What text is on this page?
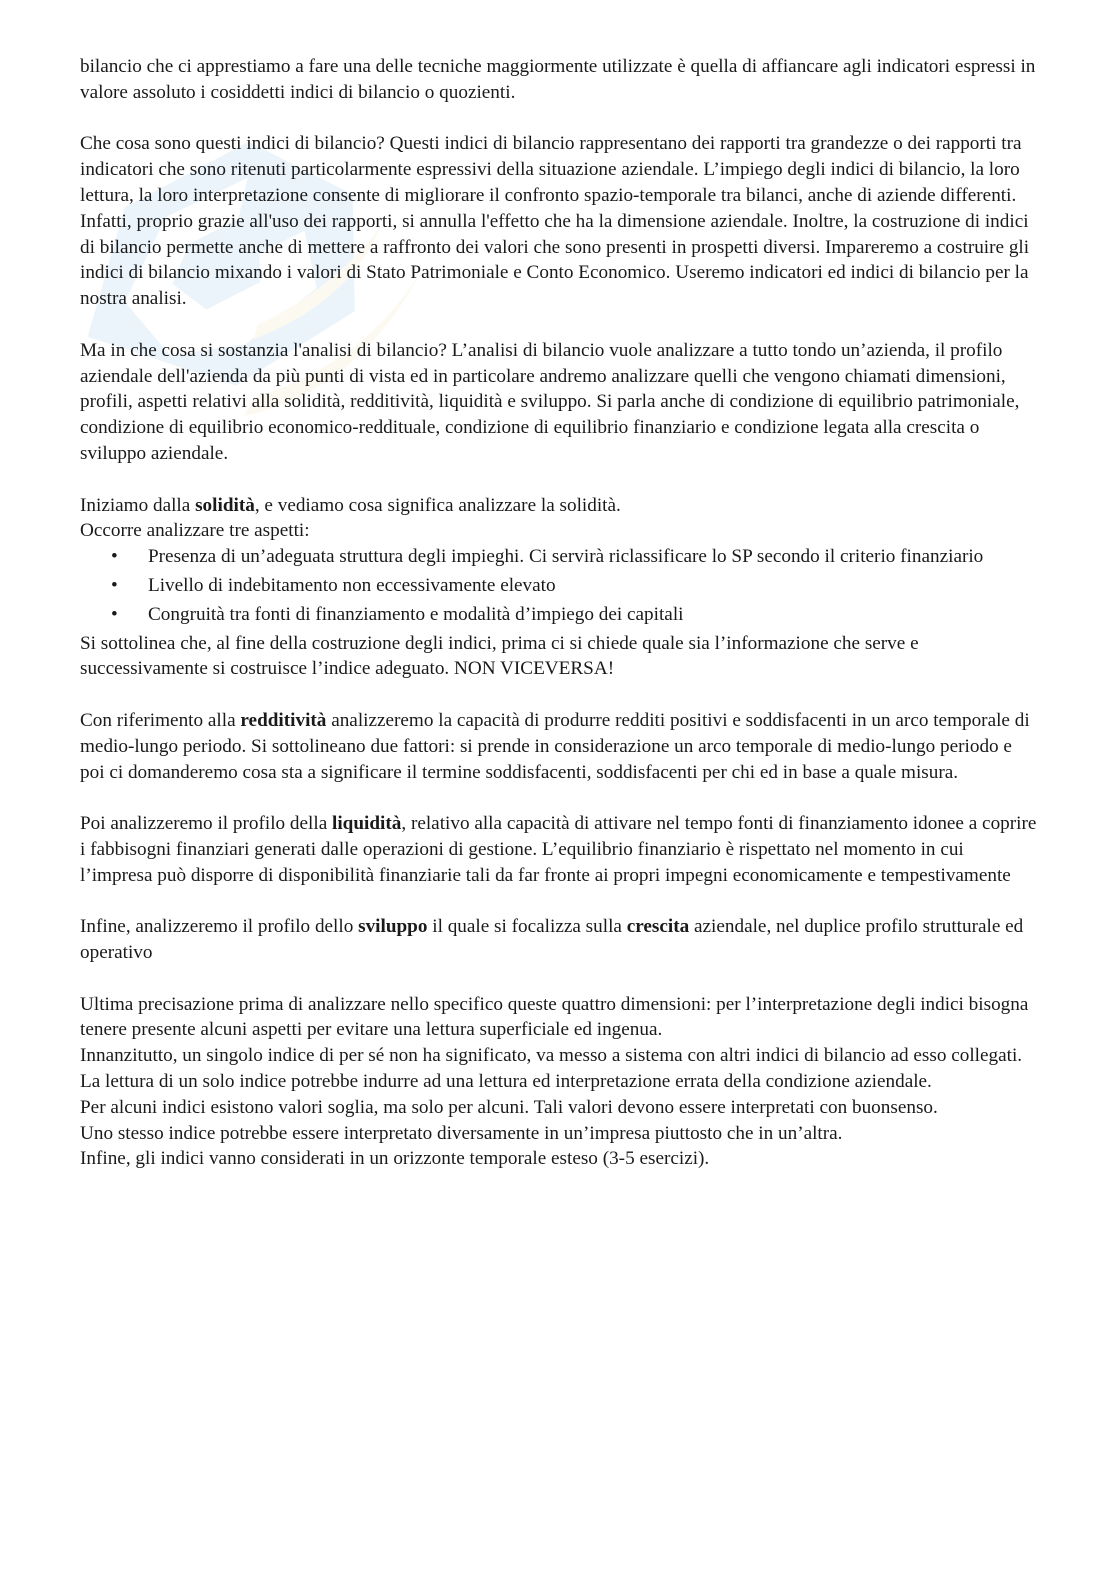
bilancio che ci apprestiamo a fare una delle tecniche maggiormente utilizzate è quella di affiancare agli indicatori espressi in valore assoluto i cosiddetti indici di bilancio o quozienti.

Che cosa sono questi indici di bilancio? Questi indici di bilancio rappresentano dei rapporti tra grandezze o dei rapporti tra indicatori che sono ritenuti particolarmente espressivi della situazione aziendale. L’impiego degli indici di bilancio, la loro lettura, la loro interpretazione consente di migliorare il confronto spazio-temporale tra bilanci, anche di aziende differenti. Infatti, proprio grazie all'uso dei rapporti, si annulla l'effetto che ha la dimensione aziendale. Inoltre, la costruzione di indici di bilancio permette anche di mettere a raffronto dei valori che sono presenti in prospetti diversi. Impareremo a costruire gli indici di bilancio mixando i valori di Stato Patrimoniale e Conto Economico. Useremo indicatori ed indici di bilancio per la nostra analisi.

Ma in che cosa si sostanzia l'analisi di bilancio? L’analisi di bilancio vuole analizzare a tutto tondo un’azienda, il profilo aziendale dell'azienda da più punti di vista ed in particolare andremo analizzare quelli che vengono chiamati dimensioni, profili, aspetti relativi alla solidità, redditività, liquidità e sviluppo. Si parla anche di condizione di equilibrio patrimoniale, condizione di equilibrio economico-reddituale, condizione di equilibrio finanziario e condizione legata alla crescita o sviluppo aziendale.

Iniziamo dalla solidità, e vediamo cosa significa analizzare la solidità.

Occorre analizzare tre aspetti:

• Presenza di un’adeguata struttura degli impieghi. Ci servirà riclassificare lo SP secondo il criterio finanziario
• Livello di indebitamento non eccessivamente elevato
• Congruità tra fonti di finanziamento e modalità d’impiego dei capitali

Si sottolinea che, al fine della costruzione degli indici, prima ci si chiede quale sia l’informazione che serve e successivamente si costruisce l’indice adeguato. NON VICEVERSA!

Con riferimento alla redditività analizzeremo la capacità di produrre redditi positivi e soddisfacenti in un arco temporale di medio-lungo periodo. Si sottolineano due fattori: si prende in considerazione un arco temporale di medio-lungo periodo e poi ci domanderemo cosa sta a significare il termine soddisfacenti, soddisfacenti per chi ed in base a quale misura.

Poi analizzeremo il profilo della liquidità, relativo alla capacità di attivare nel tempo fonti di finanziamento idonee a coprire i fabbisogni finanziari generati dalle operazioni di gestione. L’equilibrio finanziario è rispettato nel momento in cui l’impresa può disporre di disponibilità finanziarie tali da far fronte ai propri impegni economicamente e tempestivamente

Infine, analizzeremo il profilo dello sviluppo il quale si focalizza sulla crescita aziendale, nel duplice profilo strutturale ed operativo

Ultima precisazione prima di analizzare nello specifico queste quattro dimensioni: per l’interpretazione degli indici bisogna tenere presente alcuni aspetti per evitare una lettura superficiale ed ingenua.

Innanzitutto, un singolo indice di per sé non ha significato, va messo a sistema con altri indici di bilancio ad esso collegati. La lettura di un solo indice potrebbe indurre ad una lettura ed interpretazione errata della condizione aziendale.

Per alcuni indici esistono valori soglia, ma solo per alcuni. Tali valori devono essere interpretati con buonsenso.

Uno stesso indice potrebbe essere interpretato diversamente in un’impresa piuttosto che in un’altra.

Infine, gli indici vanno considerati in un orizzonte temporale esteso (3-5 esercizi).
